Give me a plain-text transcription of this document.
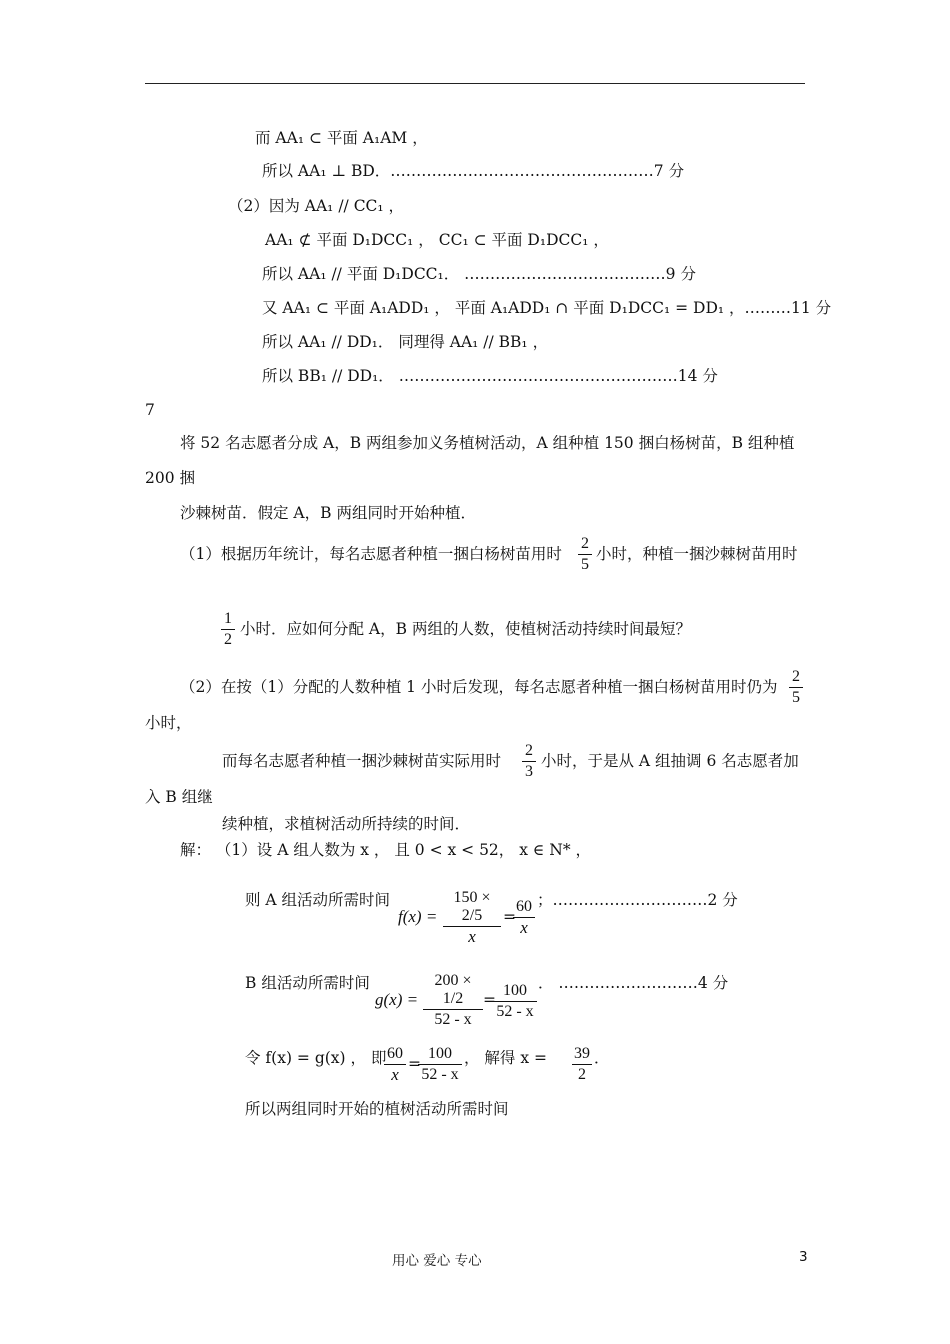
而 AA₁ ⊂ 平面 A₁AM ，
所以 AA₁ ⊥ BD．……………………………………………7 分
（2）因为 AA₁ // CC₁ ，
AA₁ ⊄ 平面 D₁DCC₁ ， CC₁ ⊂ 平面 D₁DCC₁ ，
所以 AA₁ // 平面 D₁DCC₁． …………………………………9 分
又 AA₁ ⊂ 平面 A₁ADD₁ ， 平面 A₁ADD₁ ∩ 平面 D₁DCC₁ = DD₁ ，………11 分
所以 AA₁ // DD₁． 同理得 AA₁ // BB₁ ，
所以 BB₁ // DD₁． ………………………………………………14 分
7
将 52 名志愿者分成 A，B 两组参加义务植树活动，A 组种植 150 捆白杨树苗，B 组种植
200 捆
沙棘树苗．假定 A，B 两组同时开始种植．
（1）根据历年统计，每名志愿者种植一捆白杨树苗用时
2
5
小时，种植一捆沙棘树苗用时
1
2
小时．应如何分配 A，B 两组的人数，使植树活动持续时间最短？
（2）在按（1）分配的人数种植 1 小时后发现，每名志愿者种植一捆白杨树苗用时仍为
2
5
小时，
而每名志愿者种植一捆沙棘树苗实际用时
2
3
小时，于是从 A 组抽调 6 名志愿者加
入 B 组继
续种植，求植树活动所持续的时间．
解： （1）设 A 组人数为 x ， 且 0 < x < 52， x ∈ N* ，
则 A 组活动所需时间
f(x) =
150 × 2/5
x
=
60
x
；…………………………2 分
B 组活动所需时间
g(x) =
200 × 1/2
52 - x
=
100
52 - x
． ………………………4 分
令 f(x) = g(x) ， 即 60
x
=
100
52 - x
， 解得 x = 39
2
．
所以两组同时开始的植树活动所需时间
用心 爱心 专心	3
